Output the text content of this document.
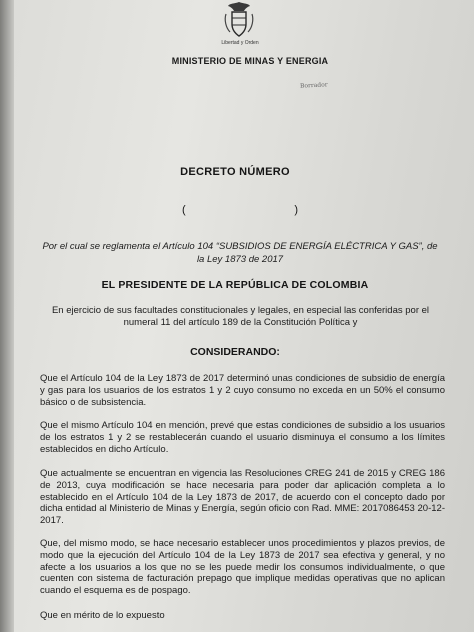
Libertad y Orden
MINISTERIO DE MINAS Y ENERGIA
Borrador
DECRETO NÚMERO
(	)
Por el cual se reglamenta el Artículo 104 “SUBSIDIOS DE ENERGÍA ELÉCTRICA Y GAS”, de la Ley 1873 de 2017
EL PRESIDENTE DE LA REPÚBLICA DE COLOMBIA
En ejercicio de sus facultades constitucionales y legales, en especial las conferidas por el numeral 11 del artículo 189 de la Constitución Política y
CONSIDERANDO:
Que el Artículo 104 de la Ley 1873 de 2017 determinó unas condiciones de subsidio de energía y gas para los usuarios de los estratos 1 y 2 cuyo consumo no exceda en un 50% el consumo básico o de subsistencia.
Que el mismo Artículo 104 en mención, prevé que estas condiciones de subsidio a los usuarios de los estratos 1 y 2 se restablecerán cuando el usuario disminuya el consumo a los límites establecidos en dicho Artículo.
Que actualmente se encuentran en vigencia las Resoluciones CREG 241 de 2015 y CREG 186 de 2013, cuya modificación se hace necesaria para poder dar aplicación completa a lo establecido en el Artículo 104 de la Ley 1873 de 2017, de acuerdo con el concepto dado por dicha entidad al Ministerio de Minas y Energía, según oficio con Rad. MME: 2017086453 20-12-2017.
Que, del mismo modo, se hace necesario establecer unos procedimientos y plazos previos, de modo que la ejecución del Artículo 104 de la Ley 1873 de 2017 sea efectiva y general, y no afecte a los usuarios a los que no se les puede medir los consumos individualmente, o que cuenten con sistema de facturación prepago que implique medidas operativas que no aplican cuando el esquema es de pospago.
Que en mérito de lo expuesto
